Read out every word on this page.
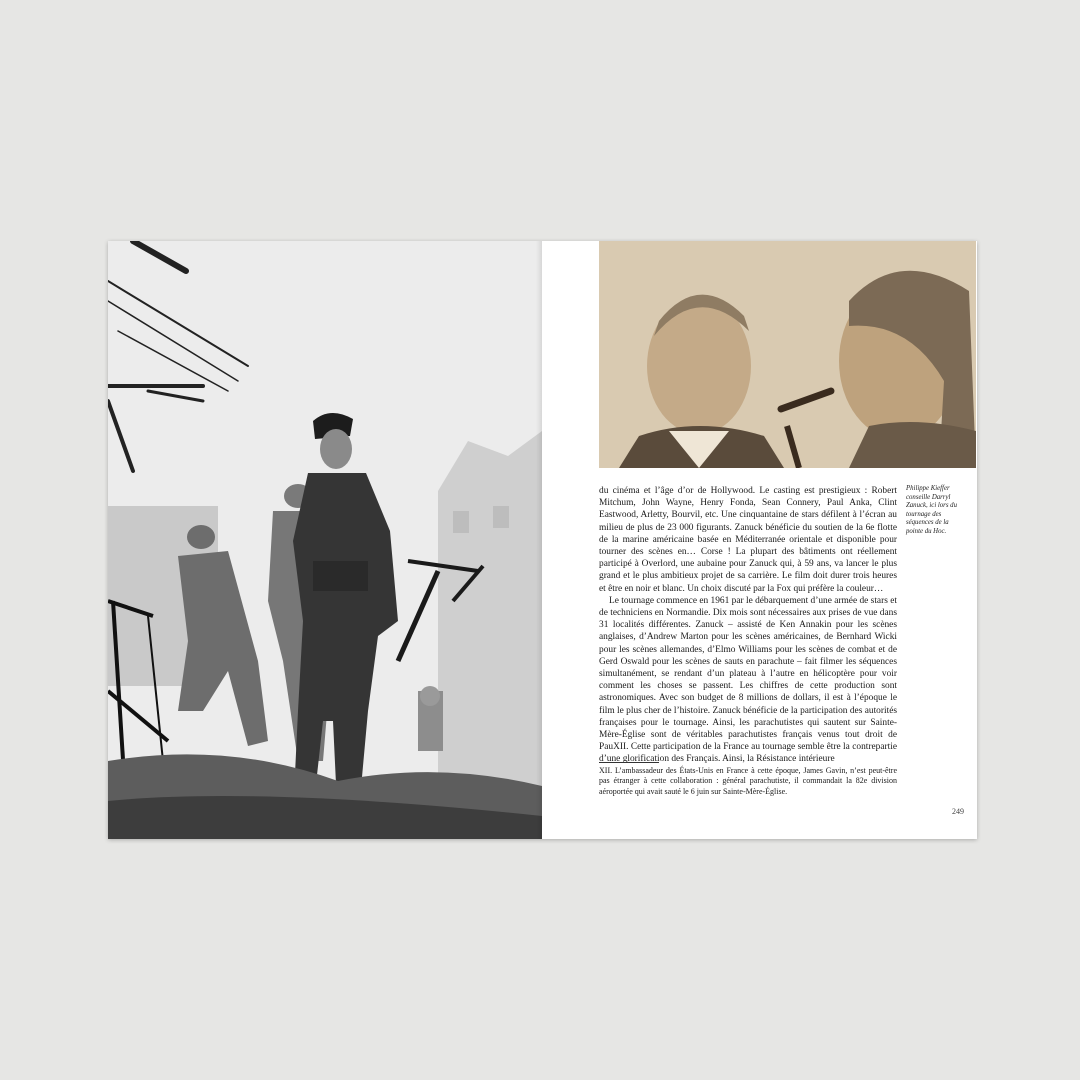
du cinéma et l’âge d’or de Hollywood. Le casting est prestigieux : Robert Mitchum, John Wayne, Henry Fonda, Sean Connery, Paul Anka, Clint Eastwood, Arletty, Bourvil, etc. Une cinquantaine de stars défilent à l’écran au milieu de plus de 23 000 figurants. Zanuck bénéficie du soutien de la 6e flotte de la marine américaine basée en Méditerranée orientale et disponible pour tourner des scènes en… Corse ! La plupart des bâtiments ont réellement participé à Overlord, une aubaine pour Zanuck qui, à 59 ans, va lancer le plus grand et le plus ambitieux projet de sa carrière. Le film doit durer trois heures et être en noir et blanc. Un choix discuté par la Fox qui préfère la couleur…

Le tournage commence en 1961 par le débarquement d’une armée de stars et de techniciens en Normandie. Dix mois sont nécessaires aux prises de vue dans 31 localités différentes. Zanuck – assisté de Ken Annakin pour les scènes anglaises, d’Andrew Marton pour les scènes américaines, de Bernhard Wicki pour les scènes allemandes, d’Elmo Williams pour les scènes de combat et de Gerd Oswald pour les scènes de sauts en parachute – fait filmer les séquences simultanément, se rendant d’un plateau à l’autre en hélicoptère pour voir comment les choses se passent. Les chiffres de cette production sont astronomiques. Avec son budget de 8 millions de dollars, il est à l’époque le film le plus cher de l’histoire. Zanuck bénéficie de la participation des autorités françaises pour le tournage. Ainsi, les parachutistes qui sautent sur Sainte-Mère-Église sont de véritables parachutistes français venus tout droit de PauXII. Cette participation de la France au tournage semble être la contrepartie d’une glorification des Français. Ainsi, la Résistance intérieure

Philippe Kieffer conseille Darryl Zanuck, ici lors du tournage des séquences de la pointe du Hoc.
XII. L’ambassadeur des États-Unis en France à cette époque, James Gavin, n’est peut-être pas étranger à cette collaboration : général parachutiste, il commandait la 82e division aéroportée qui avait sauté le 6 juin sur Sainte-Mère-Église.
249
